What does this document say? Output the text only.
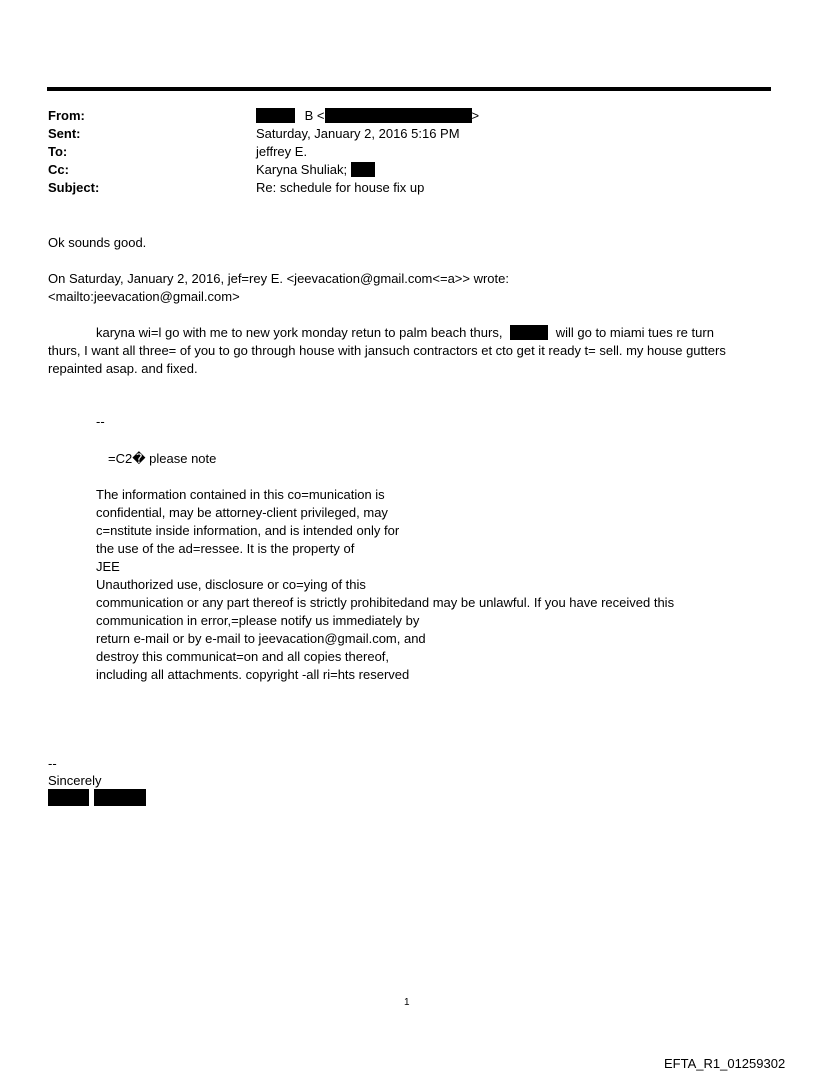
From:	B <	>
Sent:	Saturday, January 2, 2016 5:16 PM
To:	jeffrey E.
Cc:	Karyna Shuliak;
Subject:	Re: schedule for house fix up
Ok sounds good.
On Saturday, January 2, 2016, jef=rey E. <jeevacation@gmail.com<=a>> wrote:
<mailto:jeevacation@gmail.com>
karyna wi=l go with me to new york monday retun to palm beach thurs,	will go to miami tues re turn
thurs, I want all three= of you to go through house with jansuch contractors et cto get it ready t= sell. my house gutters
repainted asap. and fixed.
--
=C2� please note
The information contained in this co=munication is
confidential, may be attorney-client privileged, may
c=nstitute inside information, and is intended only for
the use of the ad=ressee. It is the property of
JEE
Unauthorized use, disclosure or co=ying of this
communication or any part thereof is strictly prohibitedand may be unlawful. If you have received this
communication in error,=please notify us immediately by
return e-mail or by e-mail to jeevacation@gmail.com, and
destroy this communicat=on and all copies thereof,
including all attachments. copyright -all ri=hts reserved
--
Sincerely

1
EFTA_R1_01259302
